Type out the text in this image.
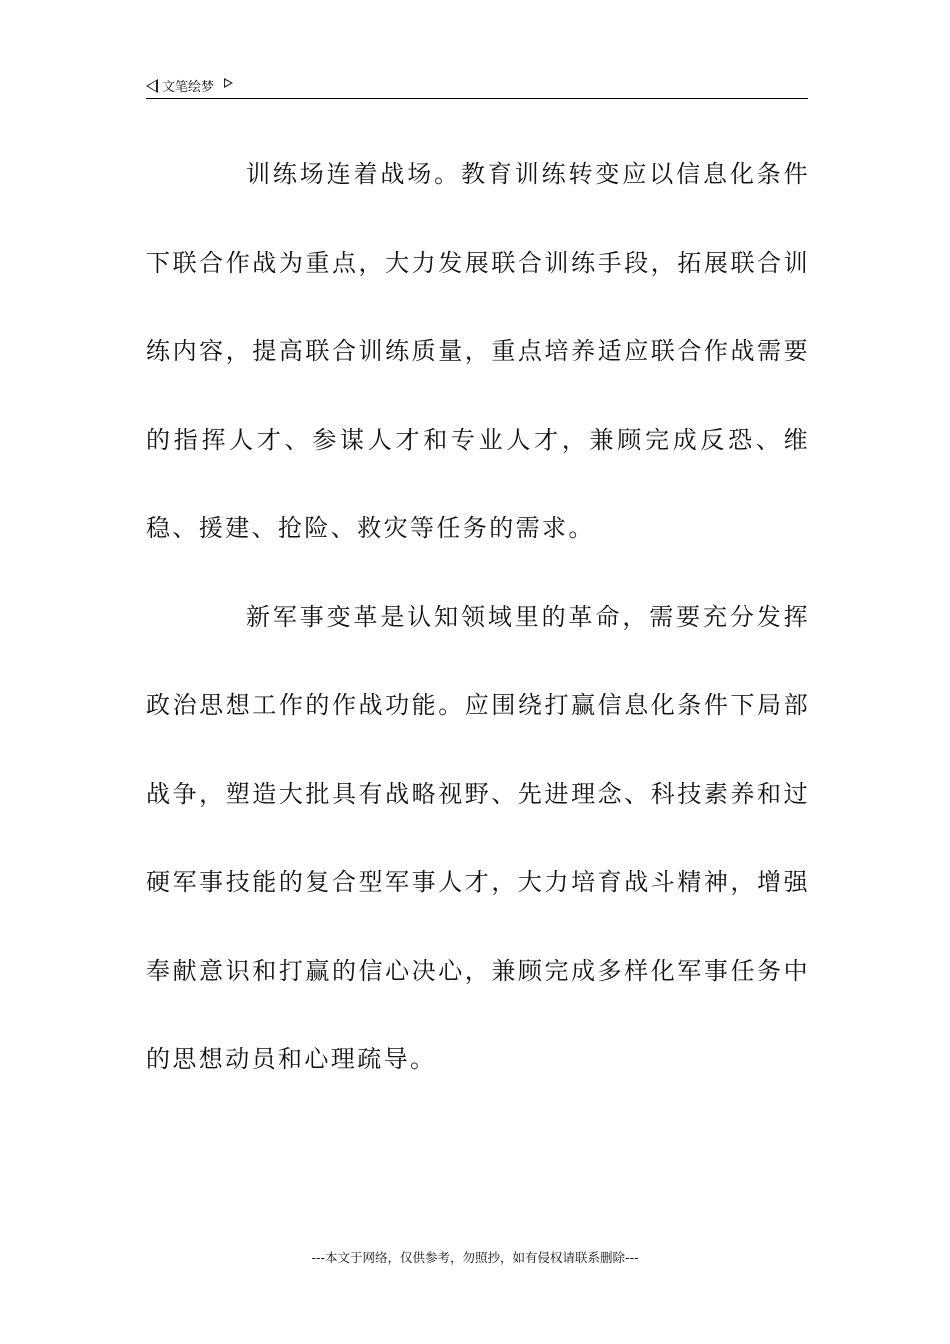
文笔绘梦

训练场连着战场。教育训练转变应以信息化条件下联合作战为重点，大力发展联合训练手段，拓展联合训练内容，提高联合训练质量，重点培养适应联合作战需要的指挥人才、参谋人才和专业人才，兼顾完成反恐、维稳、援建、抢险、救灾等任务的需求。

新军事变革是认知领域里的革命，需要充分发挥政治思想工作的作战功能。应围绕打赢信息化条件下局部战争，塑造大批具有战略视野、先进理念、科技素养和过硬军事技能的复合型军事人才，大力培育战斗精神，增强奉献意识和打赢的信心决心，兼顾完成多样化军事任务中的思想动员和心理疏导。

---本文于网络，仅供参考，勿照抄，如有侵权请联系删除---
